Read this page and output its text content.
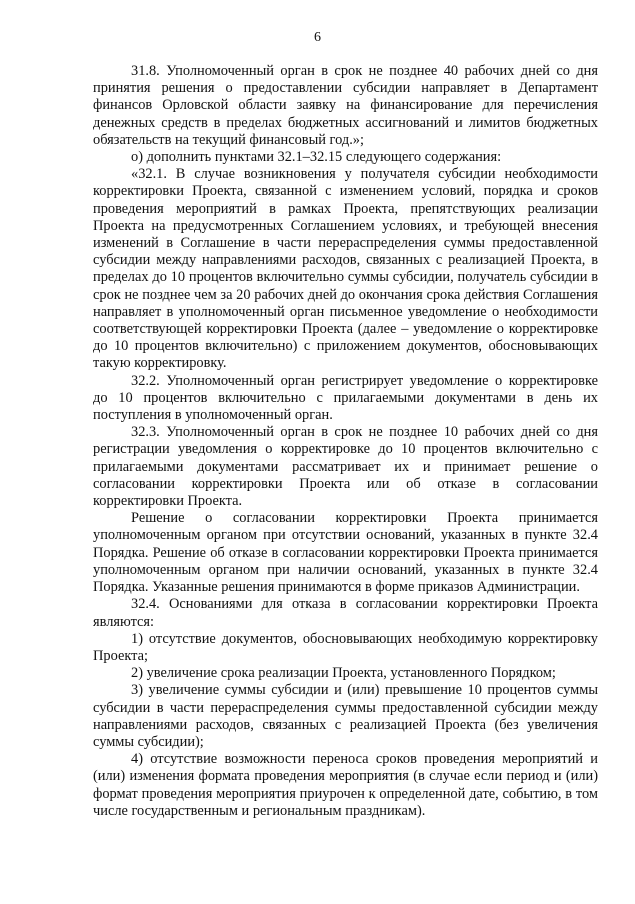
6

31.8. Уполномоченный орган в срок не позднее 40 рабочих дней со дня принятия решения о предоставлении субсидии направляет в Департамент финансов Орловской области заявку на финансирование для перечисления денежных средств в пределах бюджетных ассигнований и лимитов бюджетных обязательств на текущий финансовый год.»;

о) дополнить пунктами 32.1–32.15 следующего содержания:

«32.1. В случае возникновения у получателя субсидии необходимости корректировки Проекта, связанной с изменением условий, порядка и сроков проведения мероприятий в рамках Проекта, препятствующих реализации Проекта на предусмотренных Соглашением условиях, и требующей внесения изменений в Соглашение в части перераспределения суммы предоставленной субсидии между направлениями расходов, связанных с реализацией Проекта, в пределах до 10 процентов включительно суммы субсидии, получатель субсидии в срок не позднее чем за 20 рабочих дней до окончания срока действия Соглашения направляет в уполномоченный орган письменное уведомление о необходимости соответствующей корректировки Проекта (далее – уведомление о корректировке до 10 процентов включительно) с приложением документов, обосновывающих такую корректировку.

32.2. Уполномоченный орган регистрирует уведомление о корректировке до 10 процентов включительно с прилагаемыми документами в день их поступления в уполномоченный орган.

32.3. Уполномоченный орган в срок не позднее 10 рабочих дней со дня регистрации уведомления о корректировке до 10 процентов включительно с прилагаемыми документами рассматривает их и принимает решение о согласовании корректировки Проекта или об отказе в согласовании корректировки Проекта.

Решение о согласовании корректировки Проекта принимается уполномоченным органом при отсутствии оснований, указанных в пункте 32.4 Порядка. Решение об отказе в согласовании корректировки Проекта принимается уполномоченным органом при наличии оснований, указанных в пункте 32.4 Порядка. Указанные решения принимаются в форме приказов Администрации.

32.4. Основаниями для отказа в согласовании корректировки Проекта являются:

1) отсутствие документов, обосновывающих необходимую корректировку Проекта;

2) увеличение срока реализации Проекта, установленного Порядком;

3) увеличение суммы субсидии и (или) превышение 10 процентов суммы субсидии в части перераспределения суммы предоставленной субсидии между направлениями расходов, связанных с реализацией Проекта (без увеличения суммы субсидии);

4) отсутствие возможности переноса сроков проведения мероприятий и (или) изменения формата проведения мероприятия (в случае если период и (или) формат проведения мероприятия приурочен к определенной дате, событию, в том числе государственным и региональным праздникам).
